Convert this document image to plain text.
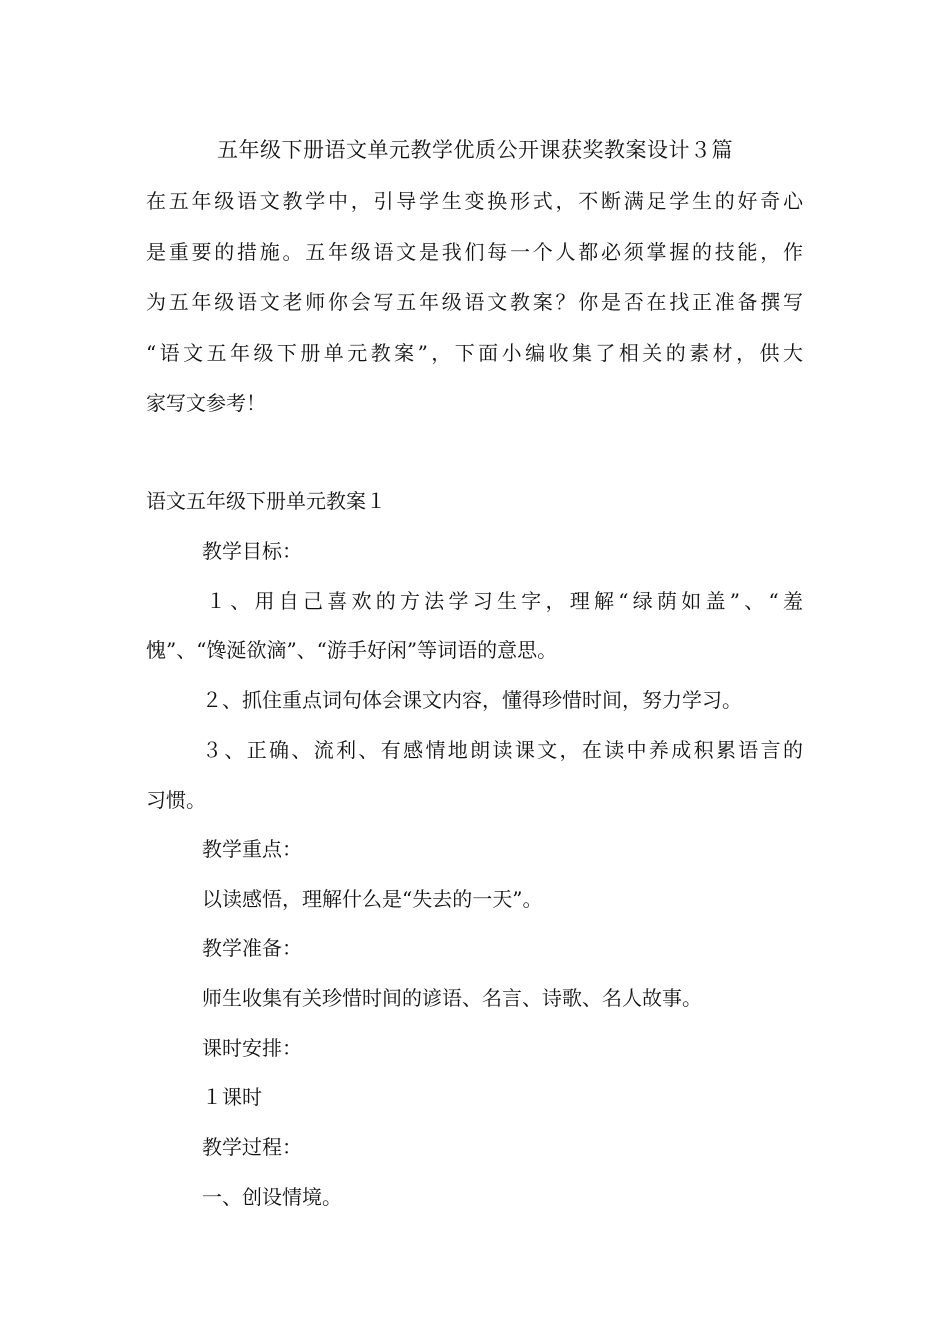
五年级下册语文单元教学优质公开课获奖教案设计３篇
在五年级语文教学中，引导学生变换形式，不断满足学生的好奇心
是重要的措施。五年级语文是我们每一个人都必须掌握的技能，作
为五年级语文老师你会写五年级语文教案？你是否在找正准备撰写
“语文五年级下册单元教案”，下面小编收集了相关的素材，供大
家写文参考！
语文五年级下册单元教案１
教学目标：
１、用自己喜欢的方法学习生字，理解“绿荫如盖”、“羞
愧”、“馋涎欲滴”、“游手好闲”等词语的意思。
２、抓住重点词句体会课文内容，懂得珍惜时间，努力学习。
３、正确、流利、有感情地朗读课文，在读中养成积累语言的
习惯。
教学重点：
以读感悟，理解什么是“失去的一天”。
教学准备：
师生收集有关珍惜时间的谚语、名言、诗歌、名人故事。
课时安排：
１课时
教学过程：
一、创设情境。
